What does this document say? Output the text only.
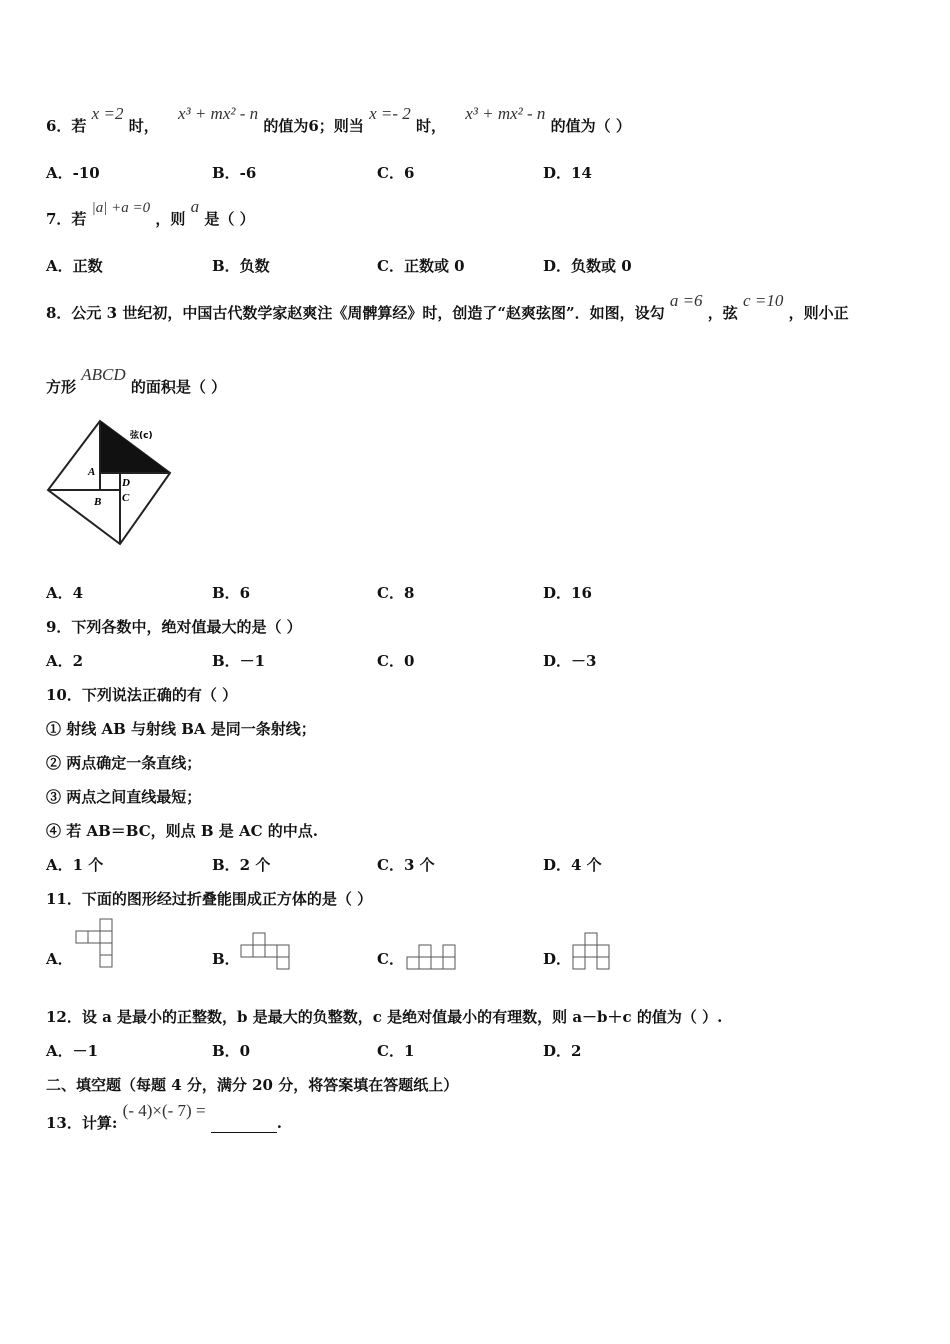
6．若 x =2 时， x³ + mx² - n 的值为6；则当 x =- 2 时， x³ + mx² - n 的值为（ ）
A．-10	B．-6	C．6	D．14
7．若 |a| +a =0 ，则 a 是（ ）
A．正数	B．负数	C．正数或 0	D．负数或 0
8．公元 3 世纪初，中国古代数学家赵爽注《周髀算经》时，创造了“赵爽弦图”．如图，设勾 a =6 ，弦 c =10 ，则小正
方形 ABCD 的面积是（ ）
弦(c)
A
B
D
C
A．4	B．6	C．8	D．16
9．下列各数中，绝对值最大的是（ ）
A．2	B．－1	C．0	D．－3
10．下列说法正确的有（ ）
① 射线 AB 与射线 BA 是同一条射线；
② 两点确定一条直线；
③ 两点之间直线最短；
④ 若 AB＝BC，则点 B 是 AC 的中点.
A．1 个	B．2 个	C．3 个	D．4 个
11．下面的图形经过折叠能围成正方体的是（ ）
A．	B．	C．	D．
12．设 a 是最小的正整数，b 是最大的负整数，c 是绝对值最小的有理数，则 a－b＋c 的值为（ ）.
A．－1	B．0	C．1	D．2
二、填空题（每题 4 分，满分 20 分，将答案填在答题纸上）
13．计算: (- 4)×(- 7) = .
